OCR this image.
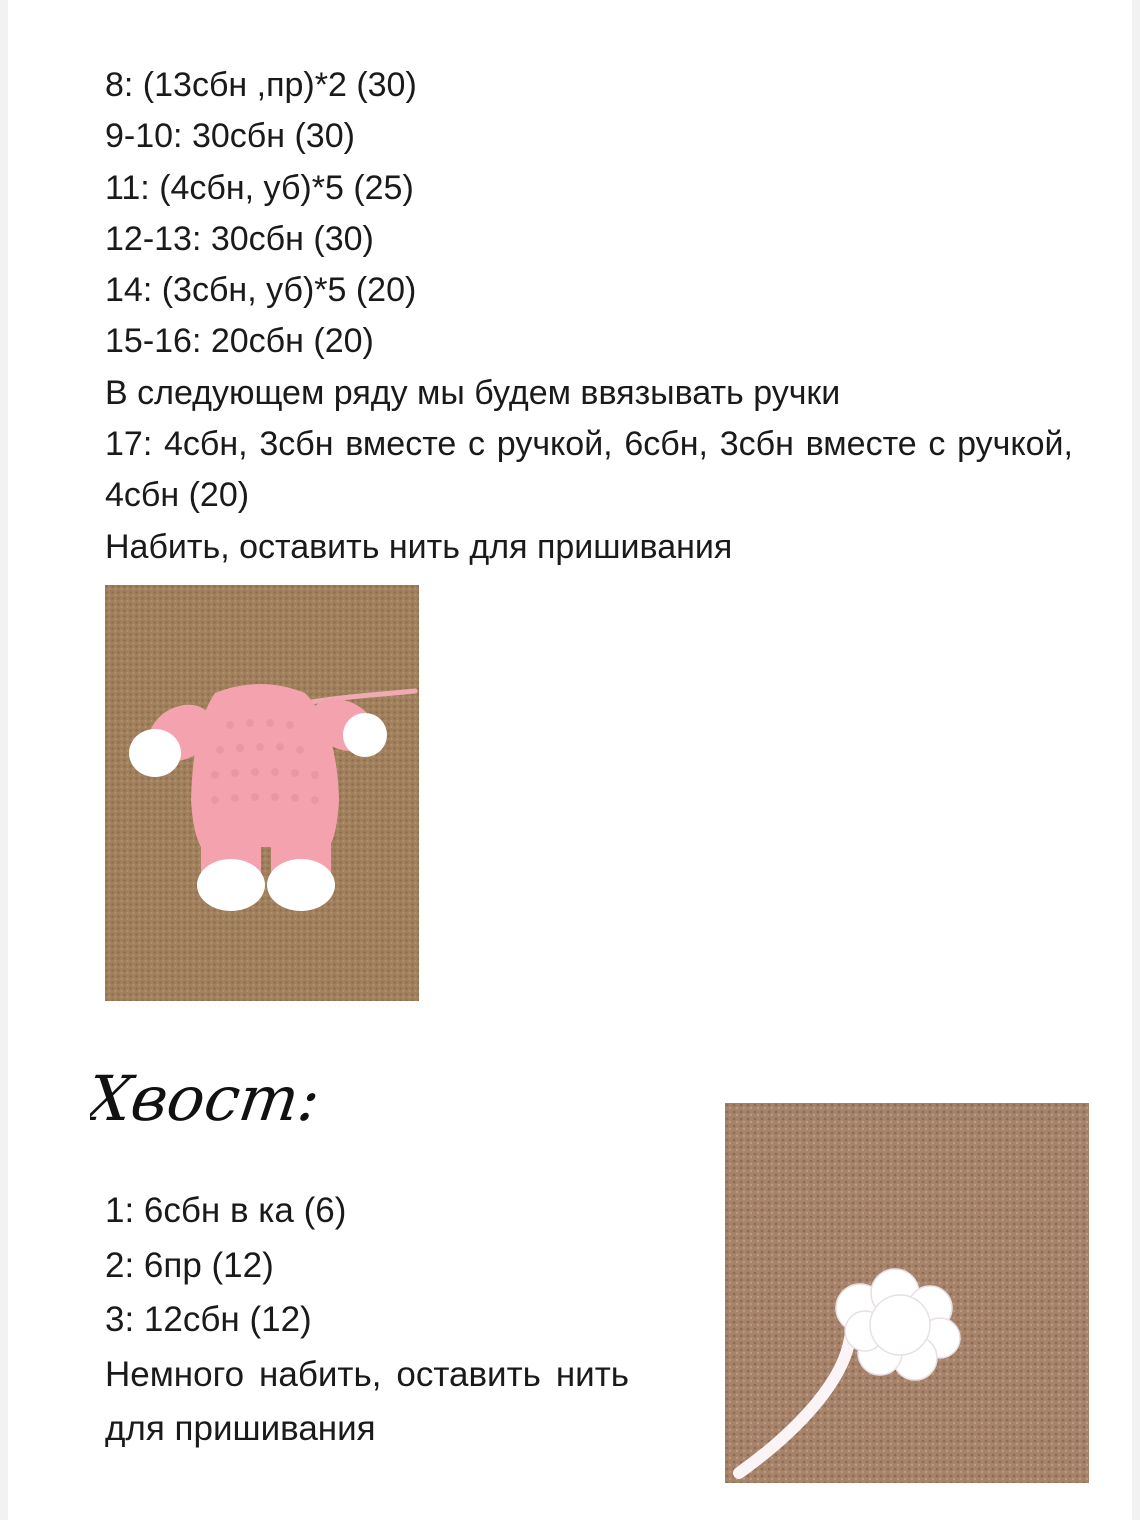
8: (13сбн ,пр)*2 (30)
9-10: 30сбн (30)
11: (4сбн, уб)*5 (25)
12-13: 30сбн (30)
14: (3сбн, уб)*5 (20)
15-16: 20сбн (20)
В следующем ряду мы будем ввязывать ручки
17: 4сбн, 3сбн вместе с ручкой, 6сбн, 3сбн вместе с ручкой, 4сбн (20)
Набить, оставить нить для пришивания
Хвост:
1: 6сбн в ка (6)
2: 6пр (12)
3: 12сбн (12)
Немного набить, оставить нить для пришивания
